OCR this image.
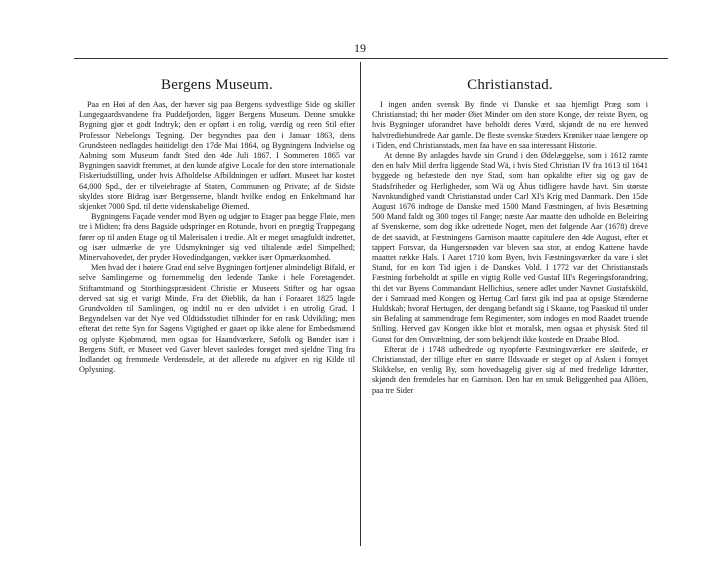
19
Bergens Museum.

Paa en Høi af den Aas, der hæver sig paa Bergens sydvestlige Side og skiller Lungegaardsvandene fra Puddefjorden, ligger Bergens Museum. Denne smukke Bygning gjør et godt Indtryk; den er opført i en rolig, værdig og reen Stil efter Professor Nebelongs Tegning. Der begyndtes paa den i Januar 1863, dens Grundsteen nedlagdes høitideligt den 17de Mai 1864, og Bygningens Indvielse og Aabning som Museum fandt Sted den 4de Juli 1867. I Sommeren 1865 var Bygningen saavidt fremmet, at den kunde afgive Locale for den store internationale Fiskeriudstilling, under hvis Afholdelse Afbildningen er udført. Museet har kostet 64,000 Spd., der er tilveiebragte af Staten, Communen og Private; af de Sidste skyldes store Bidrag især Bergenserne, blandt hvilke endog en Enkeltmand har skjenket 7000 Spd. til dette videnskabelige Øiemed.

Bygningens Façade vender mod Byen og udgjør to Etager paa begge Fløie, men tre i Midten; fra dens Bagside udspringer en Rotunde, hvori en prægtig Trappegang fører op til anden Etage og til Malerisalen i tredie. Alt er meget smagfuldt indrettet, og især udmærke de yre Udsmykninger sig ved tiltalende ædel Simpelhed; Minervahovedet, der pryder Hovedindgangen, vækker især Opmærksomhed.

Men hvad der i høiere Grad end selve Bygningen fortjener almindeligt Bifald, er selve Samlingerne og fornemmelig den ledende Tanke i hele Foretagendet. Stiftamtmand og Storthingspræsident Christie er Museets Stifter og har ogsaa derved sat sig et varigt Minde. Fra det Øieblik, da han i Foraaret 1825 lagde Grundvolden til Samlingen, og indtil nu er den udvidet i en utrolig Grad. I Begyndelsen var det Nye ved Oldtidsstudiet tilhinder for en rask Udvikling; men efterat det rette Syn for Sagens Vigtighed er gaaet op ikke alene for Embedsmænd og oplyste Kjøbmænd, men ogsaa for Haandværkere, Søfolk og Bønder især i Bergens Stift, er Museet ved Gaver blevet saaledes forøget med sjeldne Ting fra Indlandet og fremmede Verdensdele, at det allerede nu afgiver en rig Kilde til Oplysning.

Christianstad.

I ingen anden svensk By finde vi Danske et saa hjemligt Præg som i Christianstad; thi her møder Øiet Minder om den store Konge, der reiste Byen, og hvis Bygninger uforandret have beholdt deres Værd, skjøndt de nu ere henved halvtrediehundrede Aar gamle. De fleste svenske Stæders Krøniker naae længere op i Tiden, end Christianstads, men faa have en saa interessant Historie.

At denne By anlagdes havde sin Grund i den Ødelæggelse, som i 1612 ramte den en halv Miil derfra liggende Stad Wä, i hvis Sted Christian IV fra 1613 til 1641 byggede og befæstede den nye Stad, som han opkaldte efter sig og gav de Stadsfriheder og Herligheder, som Wä og Åhus tidligere havde havt. Sin største Navnkundighed vandt Christianstad under Carl XI's Krig med Danmark. Den 15de August 1676 indtoge de Danske med 1500 Mand Fæstningen, af hvis Besætning 500 Mand faldt og 300 toges til Fange; næste Aar maatte den udholde en Beleiring af Svenskerne, som dog ikke udrettede Noget, men det følgende Aar (1678) dreve de det saavidt, at Fæstningens Garnison maatte capitulere den 4de August, efter et tappert Forsvar, da Hungersnøden var bleven saa stor, at endog Kattene havde maattet række Hals. I Aaret 1710 kom Byen, hvis Fæstningsværker da vare i slet Stand, for en kort Tid igjen i de Danskes Vold. I 1772 var det Christianstads Fæstning forbeholdt at spille en vigtig Rolle ved Gustaf III's Regeringsforandring, thi det var Byens Commandant Hellichius, senere adlet under Navnet Gustafsköld, der i Samraad med Kongen og Hertug Carl først gik ind paa at opsige Stænderne Huldskab; hvoraf Hertugen, der dengang befandt sig i Skaane, tog Paaskud til under sin Befaling at sammendrage fem Regimenter, som indoges en mod Raadet truende Stilling. Herved gav Kongen ikke blot et moralsk, men ogsaa et physisk Sted til Gunst for den Omvæltning, der som bekjendt ikke kostede en Draabe Blod.

Efterat de i 1748 udbedrede og nyopførte Fæstningsværker ere sløifede, er Christianstad, der tillige efter en større Ildsvaade er steget op af Asken i fornyet Skikkelse, en venlig By, som hovedsagelig giver sig af med fredelige Idrætter, skjøndt den fremdeles har en Garnison. Den har en smuk Beliggenhed paa Allöen, paa tre Sider
